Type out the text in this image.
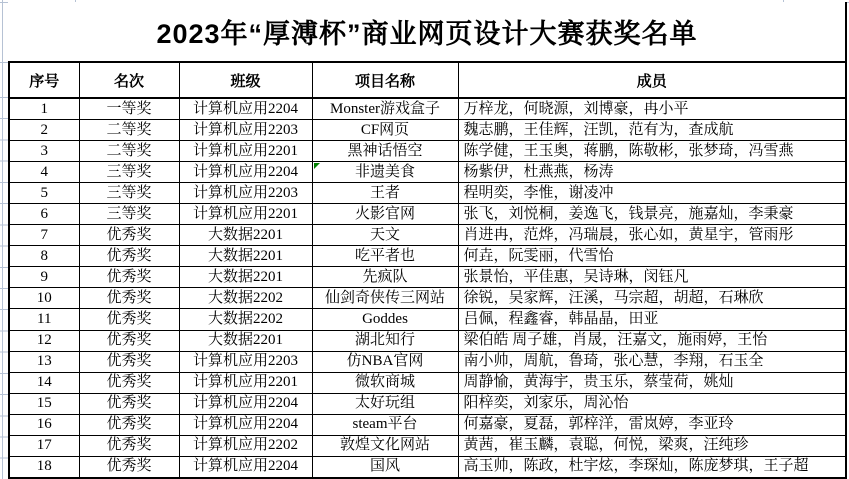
2023年“厚溥杯”商业网页设计大赛获奖名单				
序号	名次	班级	项目名称	成员
1	一等奖	计算机应用2204	Monster游戏盒子	万梓龙，何晓源，刘博豪，冉小平
2	二等奖	计算机应用2203	CF网页	魏志鹏，王佳辉，汪凯，范有为，查成航
3	二等奖	计算机应用2201	黑神话悟空	陈学健，王玉奥，蒋鹏，陈敬彬，张梦琦，冯雪燕
4	三等奖	计算机应用2204	非遗美食	杨紫伊，杜燕燕，杨涛
5	三等奖	计算机应用2203	王者	程明奕，李惟，谢凌冲
6	三等奖	计算机应用2201	火影官网	张飞，刘悦桐，姜逸飞，钱景亮，施嘉灿，李秉豪
7	优秀奖	大数据2201	天文	肖进冉，范烨，冯瑞晨，张心如，黄星宇，管雨彤
8	优秀奖	大数据2201	吃平者也	何垚，阮雯丽，代雪怡
9	优秀奖	大数据2201	先疯队	张景怡，平佳惠，吴诗琳，闵钰凡
10	优秀奖	大数据2202	仙剑奇侠传三网站	徐锐，吴家辉，汪溪，马宗超，胡超，石琳欣
11	优秀奖	大数据2202	Goddes	吕佩，程鑫睿，韩晶晶，田亚
12	优秀奖	大数据2201	湖北知行	梁伯皓 周子雄，肖晟，汪嘉文，施雨婷，王怡
13	优秀奖	计算机应用2203	仿NBA官网	南小帅，周航，鲁琦，张心慧，李翔，石玉全
14	优秀奖	计算机应用2201	微软商城	周静愉，黄海宇，贵玉乐，蔡莹荷，姚灿
15	优秀奖	计算机应用2204	太好玩组	阳梓奕，刘家乐，周沁怡
16	优秀奖	计算机应用2204	steam平台	何嘉豪，夏磊，郭梓洋，雷岚婷，李亚玲
17	优秀奖	计算机应用2202	敦煌文化网站	黄茜，崔玉麟，袁聪，何悦，梁爽，汪纯珍
18	优秀奖	计算机应用2204	国风	高玉帅，陈政，杜宇炫，李琛灿，陈庞梦琪，王子超
